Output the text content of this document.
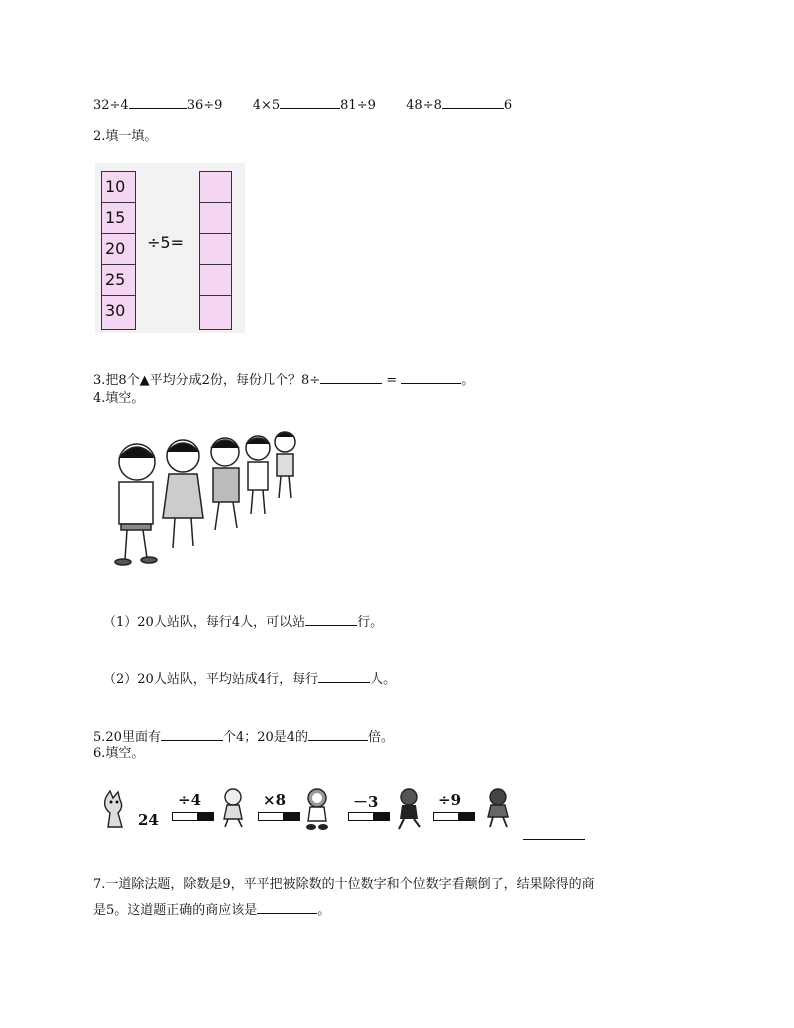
32÷4	36÷9 4×5	81÷9 48÷8	6
2.填一填。
10
15
20
25
30
÷5=
3.把8个▲平均分成2份，每份几个？8÷	=	。
4.填空。
（1）20人站队，每行4人，可以站	行。
（2）20人站队，平均站成4行，每行	人。
5.20里面有	个4；20是4的	倍。
6.填空。
24
÷4	×8	－3	÷9
7.一道除法题，除数是9，平平把被除数的十位数字和个位数字看颠倒了，结果除得的商
是5。这道题正确的商应该是	。
